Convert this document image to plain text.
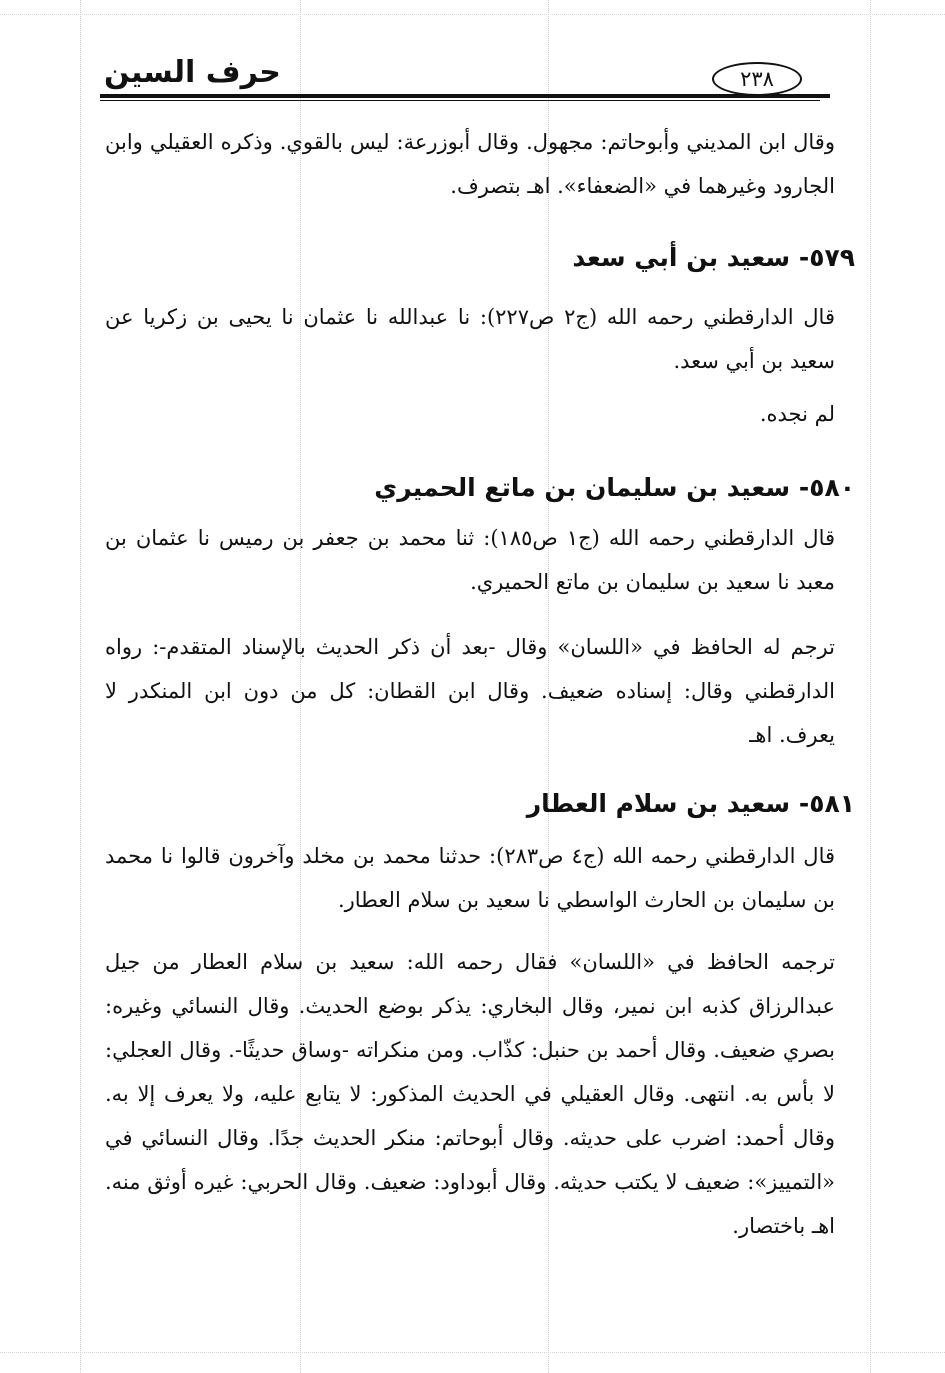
حرف السين	٢٣٨

وقال ابن المديني وأبوحاتم: مجهول. وقال أبوزرعة: ليس بالقوي. وذكره العقيلي وابن الجارود وغيرهما في «الضعفاء». اهـ بتصرف.

٥٧٩- سعيد بن أبي سعد

قال الدارقطني رحمه الله (ج٢ ص٢٢٧): نا عبدالله نا عثمان نا يحيى بن زكريا عن سعيد بن أبي سعد.

لم نجده.

٥٨٠- سعيد بن سليمان بن ماتع الحميري

قال الدارقطني رحمه الله (ج١ ص١٨٥): ثنا محمد بن جعفر بن رميس نا عثمان بن معبد نا سعيد بن سليمان بن ماتع الحميري.

ترجم له الحافظ في «اللسان» وقال -بعد أن ذكر الحديث بالإسناد المتقدم-: رواه الدارقطني وقال: إسناده ضعيف. وقال ابن القطان: كل من دون ابن المنكدر لا يعرف. اهـ

٥٨١- سعيد بن سلام العطار

قال الدارقطني رحمه الله (ج٤ ص٢٨٣): حدثنا محمد بن مخلد وآخرون قالوا نا محمد بن سليمان بن الحارث الواسطي نا سعيد بن سلام العطار.

ترجمه الحافظ في «اللسان» فقال رحمه الله: سعيد بن سلام العطار من جيل عبدالرزاق كذبه ابن نمير، وقال البخاري: يذكر بوضع الحديث. وقال النسائي وغيره: بصري ضعيف. وقال أحمد بن حنبل: كذّاب. ومن منكراته -وساق حديثًا-. وقال العجلي: لا بأس به. انتهى. وقال العقيلي في الحديث المذكور: لا يتابع عليه، ولا يعرف إلا به. وقال أحمد: اضرب على حديثه. وقال أبوحاتم: منكر الحديث جدًا. وقال النسائي في «التمييز»: ضعيف لا يكتب حديثه. وقال أبوداود: ضعيف. وقال الحربي: غيره أوثق منه. اهـ باختصار.
